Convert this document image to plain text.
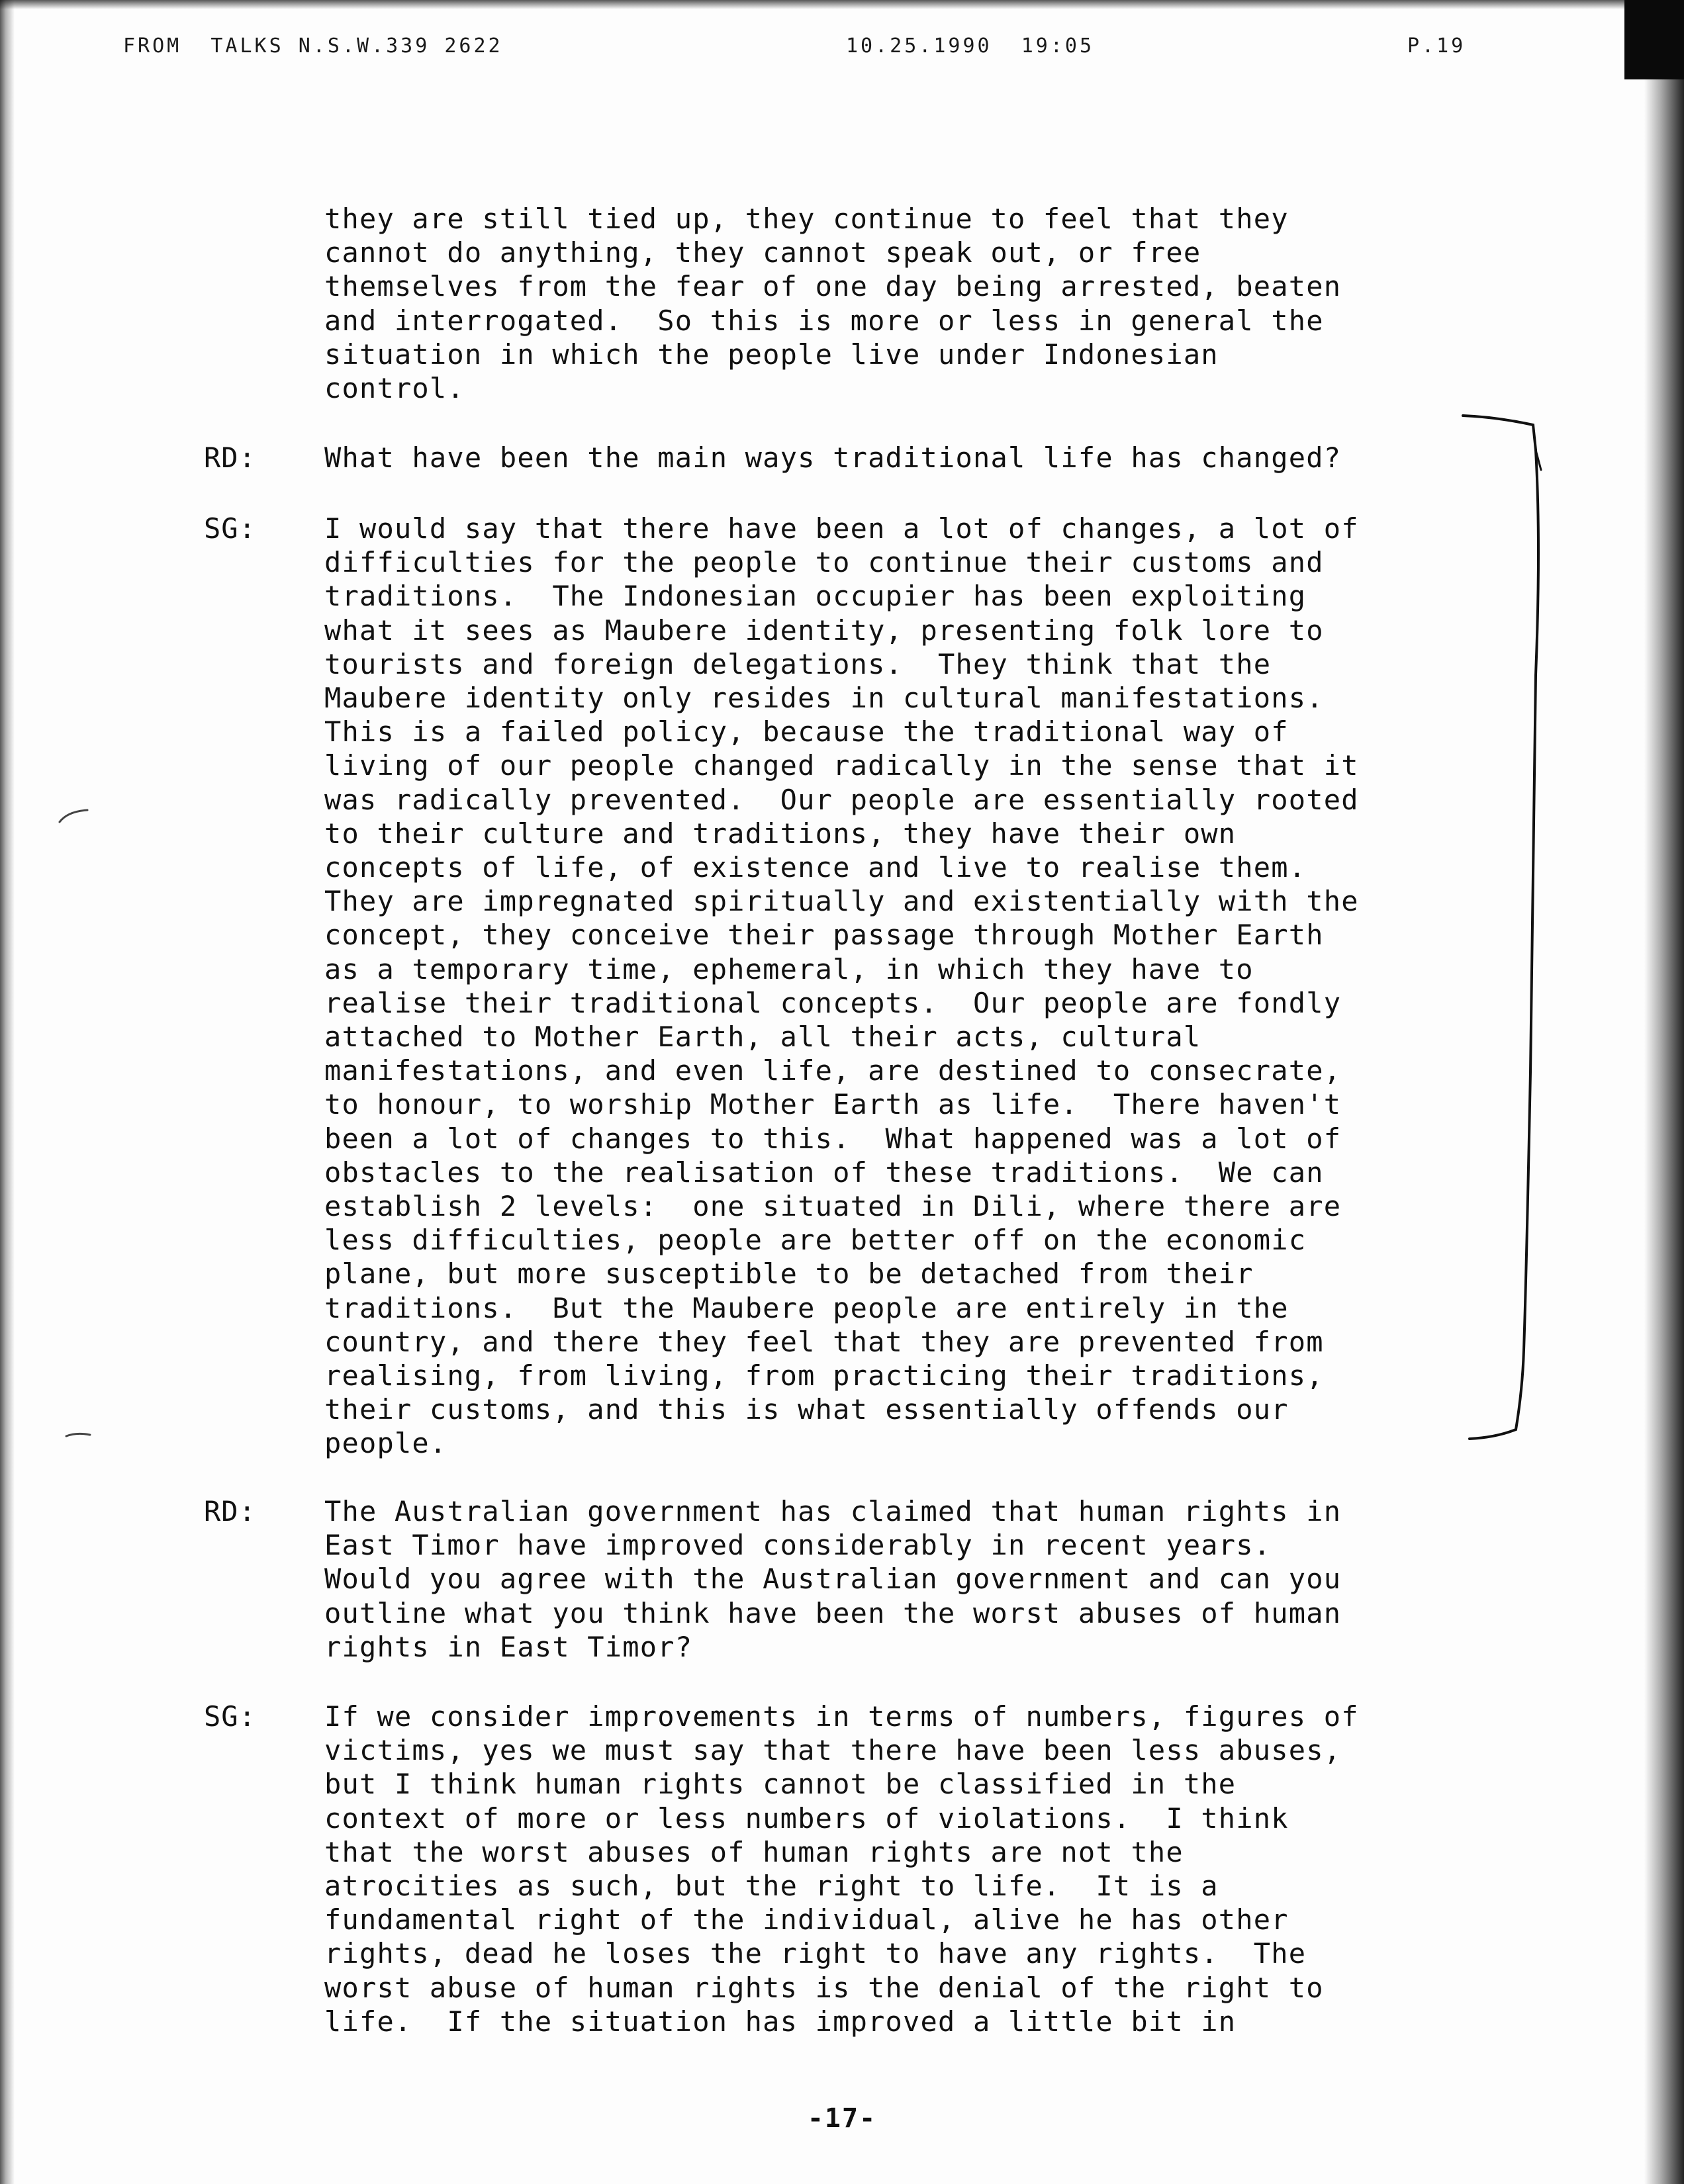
FROM  TALKS N.S.W.339 2622	10.25.1990  19:05	P.19
they are still tied up, they continue to feel that they
cannot do anything, they cannot speak out, or free
themselves from the fear of one day being arrested, beaten
and interrogated.  So this is more or less in general the
situation in which the people live under Indonesian
control.
RD: What have been the main ways traditional life has changed?
SG: I would say that there have been a lot of changes, a lot of
difficulties for the people to continue their customs and
traditions.  The Indonesian occupier has been exploiting
what it sees as Maubere identity, presenting folk lore to
tourists and foreign delegations.  They think that the
Maubere identity only resides in cultural manifestations.
This is a failed policy, because the traditional way of
living of our people changed radically in the sense that it
was radically prevented.  Our people are essentially rooted
to their culture and traditions, they have their own
concepts of life, of existence and live to realise them.
They are impregnated spiritually and existentially with the
concept, they conceive their passage through Mother Earth
as a temporary time, ephemeral, in which they have to
realise their traditional concepts.  Our people are fondly
attached to Mother Earth, all their acts, cultural
manifestations, and even life, are destined to consecrate,
to honour, to worship Mother Earth as life.  There haven't
been a lot of changes to this.  What happened was a lot of
obstacles to the realisation of these traditions.  We can
establish 2 levels:  one situated in Dili, where there are
less difficulties, people are better off on the economic
plane, but more susceptible to be detached from their
traditions.  But the Maubere people are entirely in the
country, and there they feel that they are prevented from
realising, from living, from practicing their traditions,
their customs, and this is what essentially offends our
people.
RD: The Australian government has claimed that human rights in
East Timor have improved considerably in recent years.
Would you agree with the Australian government and can you
outline what you think have been the worst abuses of human
rights in East Timor?
SG: If we consider improvements in terms of numbers, figures of
victims, yes we must say that there have been less abuses,
but I think human rights cannot be classified in the
context of more or less numbers of violations.  I think
that the worst abuses of human rights are not the
atrocities as such, but the right to life.  It is a
fundamental right of the individual, alive he has other
rights, dead he loses the right to have any rights.  The
worst abuse of human rights is the denial of the right to
life.  If the situation has improved a little bit in
-17-
